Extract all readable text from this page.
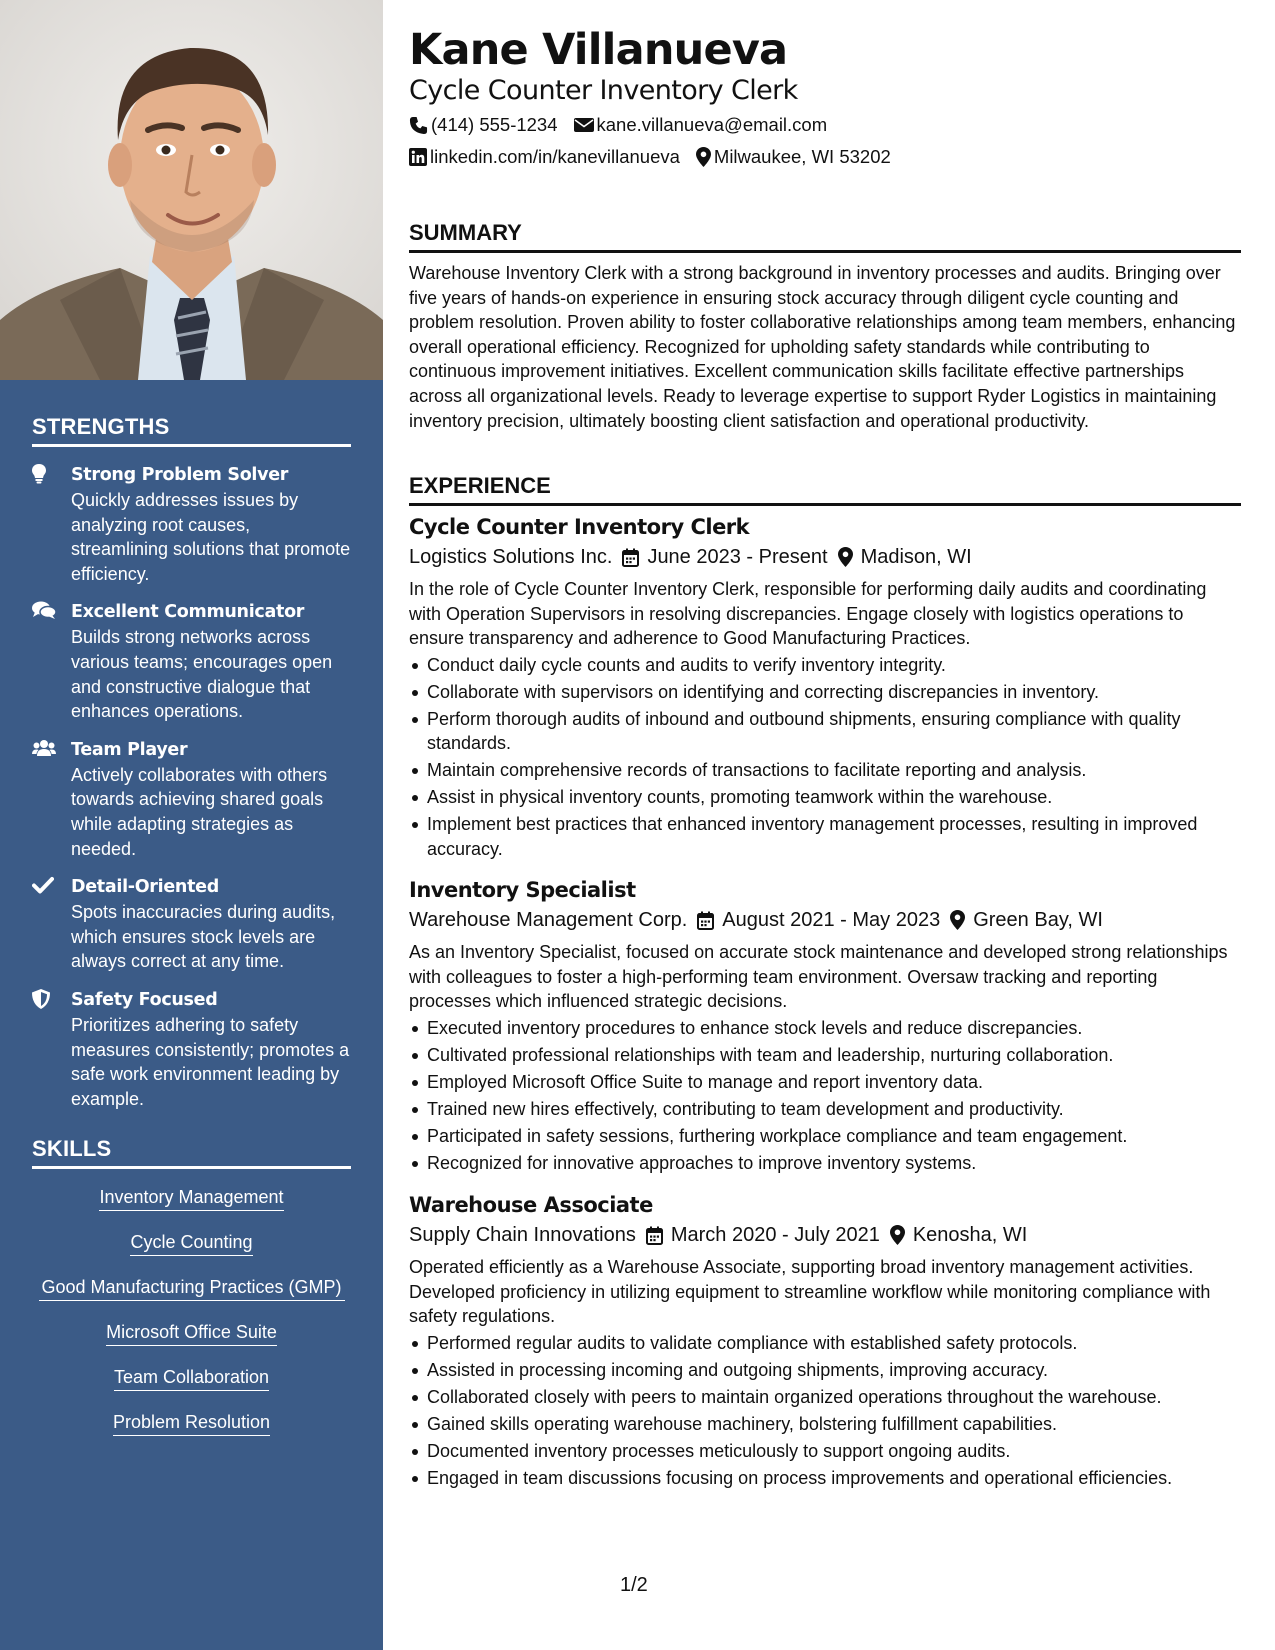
STRENGTHS
Strong Problem Solver
Quickly addresses issues by analyzing root causes, streamlining solutions that promote efficiency.
Excellent Communicator
Builds strong networks across various teams; encourages open and constructive dialogue that enhances operations.
Team Player
Actively collaborates with others towards achieving shared goals while adapting strategies as needed.
Detail-Oriented
Spots inaccuracies during audits, which ensures stock levels are always correct at any time.
Safety Focused
Prioritizes adhering to safety measures consistently; promotes a safe work environment leading by example.
SKILLS
Inventory Management
Cycle Counting
Good Manufacturing Practices (GMP)
Microsoft Office Suite
Team Collaboration
Problem Resolution
Kane Villanueva
Cycle Counter Inventory Clerk
(414) 555-1234 kane.villanueva@email.com
linkedin.com/in/kanevillanueva Milwaukee, WI 53202
SUMMARY
Warehouse Inventory Clerk with a strong background in inventory processes and audits. Bringing over five years of hands-on experience in ensuring stock accuracy through diligent cycle counting and problem resolution. Proven ability to foster collaborative relationships among team members, enhancing overall operational efficiency. Recognized for upholding safety standards while contributing to continuous improvement initiatives. Excellent communication skills facilitate effective partnerships across all organizational levels. Ready to leverage expertise to support Ryder Logistics in maintaining inventory precision, ultimately boosting client satisfaction and operational productivity.
EXPERIENCE
Cycle Counter Inventory Clerk
Logistics Solutions Inc. June 2023 - Present Madison, WI
In the role of Cycle Counter Inventory Clerk, responsible for performing daily audits and coordinating with Operation Supervisors in resolving discrepancies. Engage closely with logistics operations to ensure transparency and adherence to Good Manufacturing Practices.
Conduct daily cycle counts and audits to verify inventory integrity.
Collaborate with supervisors on identifying and correcting discrepancies in inventory.
Perform thorough audits of inbound and outbound shipments, ensuring compliance with quality standards.
Maintain comprehensive records of transactions to facilitate reporting and analysis.
Assist in physical inventory counts, promoting teamwork within the warehouse.
Implement best practices that enhanced inventory management processes, resulting in improved accuracy.
Inventory Specialist
Warehouse Management Corp. August 2021 - May 2023 Green Bay, WI
As an Inventory Specialist, focused on accurate stock maintenance and developed strong relationships with colleagues to foster a high-performing team environment. Oversaw tracking and reporting processes which influenced strategic decisions.
Executed inventory procedures to enhance stock levels and reduce discrepancies.
Cultivated professional relationships with team and leadership, nurturing collaboration.
Employed Microsoft Office Suite to manage and report inventory data.
Trained new hires effectively, contributing to team development and productivity.
Participated in safety sessions, furthering workplace compliance and team engagement.
Recognized for innovative approaches to improve inventory systems.
Warehouse Associate
Supply Chain Innovations March 2020 - July 2021 Kenosha, WI
Operated efficiently as a Warehouse Associate, supporting broad inventory management activities. Developed proficiency in utilizing equipment to streamline workflow while monitoring compliance with safety regulations.
Performed regular audits to validate compliance with established safety protocols.
Assisted in processing incoming and outgoing shipments, improving accuracy.
Collaborated closely with peers to maintain organized operations throughout the warehouse.
Gained skills operating warehouse machinery, bolstering fulfillment capabilities.
Documented inventory processes meticulously to support ongoing audits.
Engaged in team discussions focusing on process improvements and operational efficiencies.
1/2
